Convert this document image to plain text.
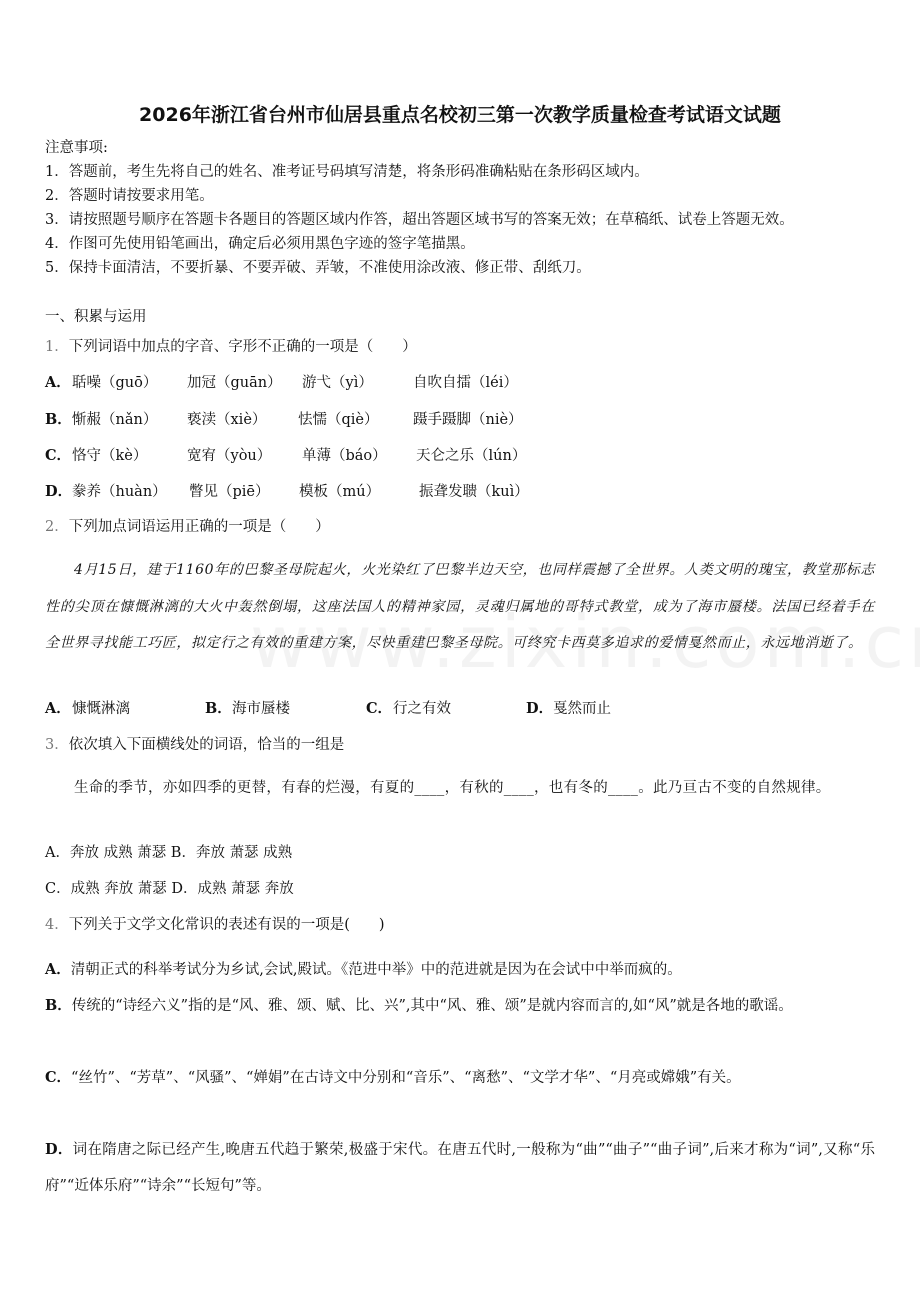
2026年浙江省台州市仙居县重点名校初三第一次教学质量检查考试语文试题
注意事项:
1．答题前，考生先将自己的姓名、准考证号码填写清楚，将条形码准确粘贴在条形码区域内。
2．答题时请按要求用笔。
3．请按照题号顺序在答题卡各题目的答题区域内作答，超出答题区域书写的答案无效；在草稿纸、试卷上答题无效。
4．作图可先使用铅笔画出，确定后必须用黑色字迹的签字笔描黑。
5．保持卡面清洁，不要折暴、不要弄破、弄皱，不准使用涂改液、修正带、刮纸刀。
一、积累与运用
1．下列词语中加点的字音、字形不正确的一项是（　　）
A． 聒噪（guō） 加冠（guān） 游弋（yì）	自吹自擂（léi）
B． 惭赧（nǎn） 亵渎（xiè） 怯懦（qiè） 蹑手蹑脚（niè）
C． 恪守（kè）	宽宥（yòu） 单薄（báo） 天仑之乐（lún）
D． 豢养（huàn） 瞥见（piē） 模板（mú）	振聋发聩（kuì）
2．下列加点词语运用正确的一项是（　　）
4月15日，建于1160年的巴黎圣母院起火，火光染红了巴黎半边天空，也同样震撼了全世界。人类文明的瑰宝，教堂那标志性的尖顶在慷慨淋漓的大火中轰然倒塌，这座法国人的精神家园，灵魂归属地的哥特式教堂，成为了海市蜃楼。法国已经着手在全世界寻找能工巧匠，拟定行之有效的重建方案，尽快重建巴黎圣母院。可终究卡西莫多追求的爱情戛然而止，永远地消逝了。
A． 慷慨淋漓	B． 海市蜃楼	C． 行之有效	D． 戛然而止
3．依次填入下面横线处的词语，恰当的一组是
生命的季节，亦如四季的更替，有春的烂漫，有夏的____，有秋的____，也有冬的____。此乃亘古不变的自然规律。
A．奔放 成熟 萧瑟 B．奔放 萧瑟 成熟
C．成熟 奔放 萧瑟 D．成熟 萧瑟 奔放
4．下列关于文学文化常识的表述有误的一项是(　　)
A．清朝正式的科举考试分为乡试,会试,殿试。《范进中举》中的范进就是因为在会试中中举而疯的。
B．传统的“诗经六义”指的是“风、雅、颂、赋、比、兴”,其中“风、雅、颂”是就内容而言的,如“风”就是各地的歌谣。
C．“丝竹”、“芳草”、“风骚”、“婵娟”在古诗文中分别和“音乐”、“离愁”、“文学才华”、“月亮或嫦娥”有关。
D．词在隋唐之际已经产生,晚唐五代趋于繁荣,极盛于宋代。在唐五代时,一般称为“曲”“曲子”“曲子词”,后来才称为“词”,又称“乐府”“近体乐府”“诗余”“长短句”等。
